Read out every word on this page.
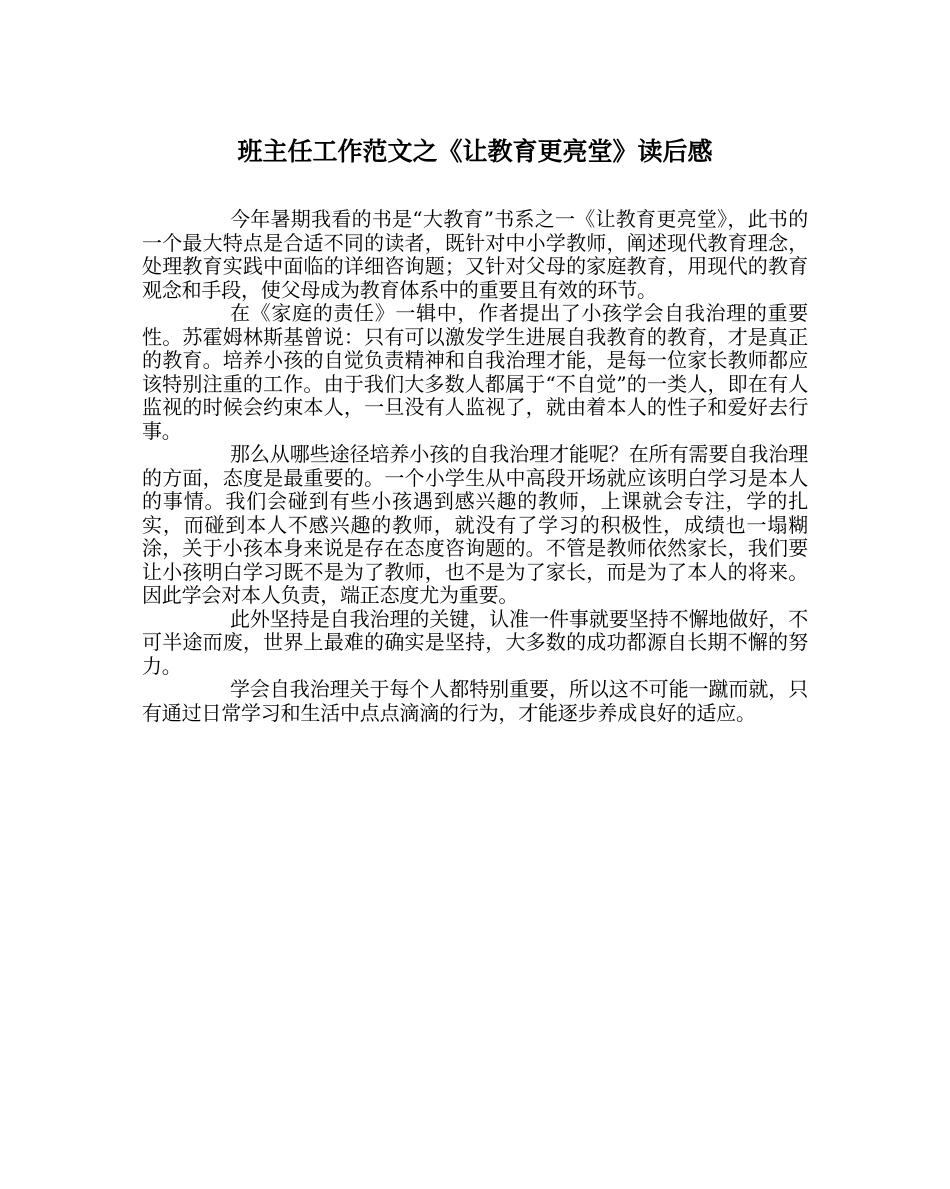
班主任工作范文之《让教育更亮堂》读后感

今年暑期我看的书是“大教育”书系之一《让教育更亮堂》，此书的一个最大特点是合适不同的读者，既针对中小学教师，阐述现代教育理念，处理教育实践中面临的详细咨询题；又针对父母的家庭教育，用现代的教育观念和手段，使父母成为教育体系中的重要且有效的环节。

在《家庭的责任》一辑中，作者提出了小孩学会自我治理的重要性。苏霍姆林斯基曾说：只有可以激发学生进展自我教育的教育，才是真正的教育。培养小孩的自觉负责精神和自我治理才能，是每一位家长教师都应该特别注重的工作。由于我们大多数人都属于“不自觉”的一类人，即在有人监视的时候会约束本人，一旦没有人监视了，就由着本人的性子和爱好去行事。

那么从哪些途径培养小孩的自我治理才能呢？在所有需要自我治理的方面，态度是最重要的。一个小学生从中高段开场就应该明白学习是本人的事情。我们会碰到有些小孩遇到感兴趣的教师，上课就会专注，学的扎实，而碰到本人不感兴趣的教师，就没有了学习的积极性，成绩也一塌糊涂，关于小孩本身来说是存在态度咨询题的。不管是教师依然家长，我们要让小孩明白学习既不是为了教师，也不是为了家长，而是为了本人的将来。因此学会对本人负责，端正态度尤为重要。

此外坚持是自我治理的关键，认准一件事就要坚持不懈地做好，不可半途而废，世界上最难的确实是坚持，大多数的成功都源自长期不懈的努力。

学会自我治理关于每个人都特别重要，所以这不可能一蹴而就，只有通过日常学习和生活中点点滴滴的行为，才能逐步养成良好的适应。
